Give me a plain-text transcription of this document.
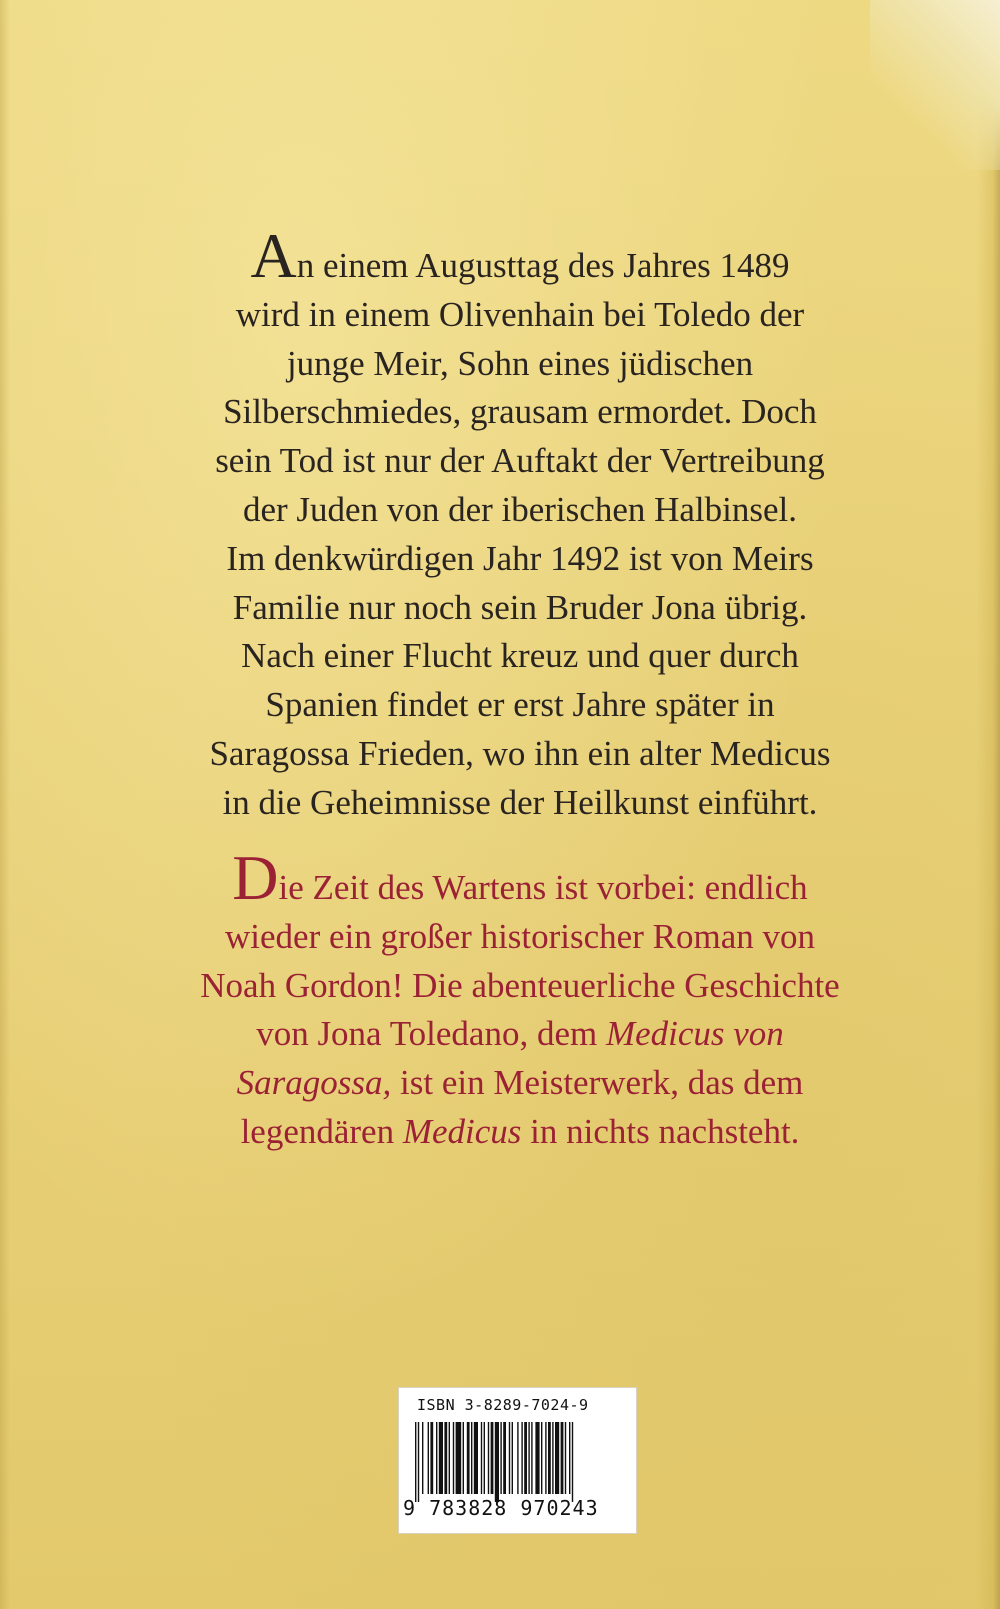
An einem Augusttag des Jahres 1489
wird in einem Olivenhain bei Toledo der
junge Meir, Sohn eines jüdischen
Silberschmiedes, grausam ermordet. Doch
sein Tod ist nur der Auftakt der Vertreibung
der Juden von der iberischen Halbinsel.
Im denkwürdigen Jahr 1492 ist von Meirs
Familie nur noch sein Bruder Jona übrig.
Nach einer Flucht kreuz und quer durch
Spanien findet er erst Jahre später in
Saragossa Frieden, wo ihn ein alter Medicus
in die Geheimnisse der Heilkunst einführt.
Die Zeit des Wartens ist vorbei: endlich
wieder ein großer historischer Roman von
Noah Gordon! Die abenteuerliche Geschichte
von Jona Toledano, dem Medicus von
Saragossa, ist ein Meisterwerk, das dem
legendären Medicus in nichts nachsteht.
ISBN 3-8289-7024-9
9 783828 970243
